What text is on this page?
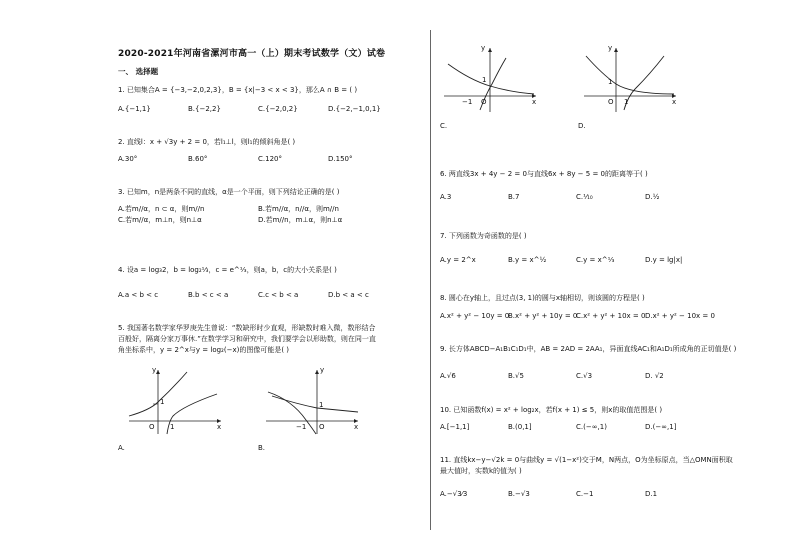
2020-2021年河南省漯河市高一（上）期末考试数学（文）试卷
一、 选择题
1. 已知集合A = {−3,−2,0,2,3}，B = {x|−3 < x < 3}，那么A ∩ B = ( )
A.{−1,1}	B.{−2,2}	C.{−2,0,2}	D.{−2,−1,0,1}
2. 直线l：x + √3y + 2 = 0，若l₁⊥l，则l₁的倾斜角是( )
A.30°	B.60°	C.120°	D.150°
3. 已知m，n是两条不同的直线，α是一个平面，则下列结论正确的是( )
A.若m//α，n ⊂ α，则m//n	B.若m//α，n//α，则m//n
C.若m//α，m⊥n，则n⊥α	D.若m//n，m⊥α，则n⊥α
4. 设a = log₃2，b = log₂¹⁄₃，c = e^⅓，则a，b，c的大小关系是( )
A.a < b < c	B.b < c < a	C.c < b < a	D.b < a < c
5. 我国著名数学家华罗庚先生曾说：“数缺形时少直观，形缺数时难入微，数形结合
百般好，隔离分家万事休.”在数学学习和研究中，我们要学会以形助数，则在同一直
角坐标系中，y = 2^x与y = log₂(−x)的图像可能是( )
y
x
O
1
1
A.
y
x
O
−1
1
B.
y
x
O
−1
1
C.
y
x
O
1
1
D.
6. 两直线3x + 4y − 2 = 0与直线6x + 8y − 5 = 0的距离等于( )
A.3	B.7	C.¹⁄₁₀	D.½
7. 下列函数为奇函数的是( )
A.y = 2^x	B.y = x^½	C.y = x^⅓	D.y = lg|x|
8. 圆心在y轴上，且过点(3, 1)的圆与x轴相切，则该圆的方程是( )
A.x² + y² − 10y = 0
B.x² + y² + 10y = 0
C.x² + y² + 10x = 0 D.x² + y² − 10x = 0
9. 长方体ABCD−A₁B₁C₁D₁中，AB = 2AD = 2AA₁，异面直线AC₁和A₁D₁所成角的正切值是( )
A.√6	B.√5	C.√3	D. √2
10. 已知函数f(x) = x² + log₂x，若f(x + 1) ≤ 5，则x的取值范围是( )
A.[−1,1]	B.(0,1]	C.(−∞,1)	D.(−∞,1]
11. 直线kx−y−√2k = 0与曲线y = √(1−x²)交于M，N两点，O为坐标原点，当△OMN面积取
最大值时，实数k的值为( )
A.−√3⁄3	B.−√3	C.−1	D.1
